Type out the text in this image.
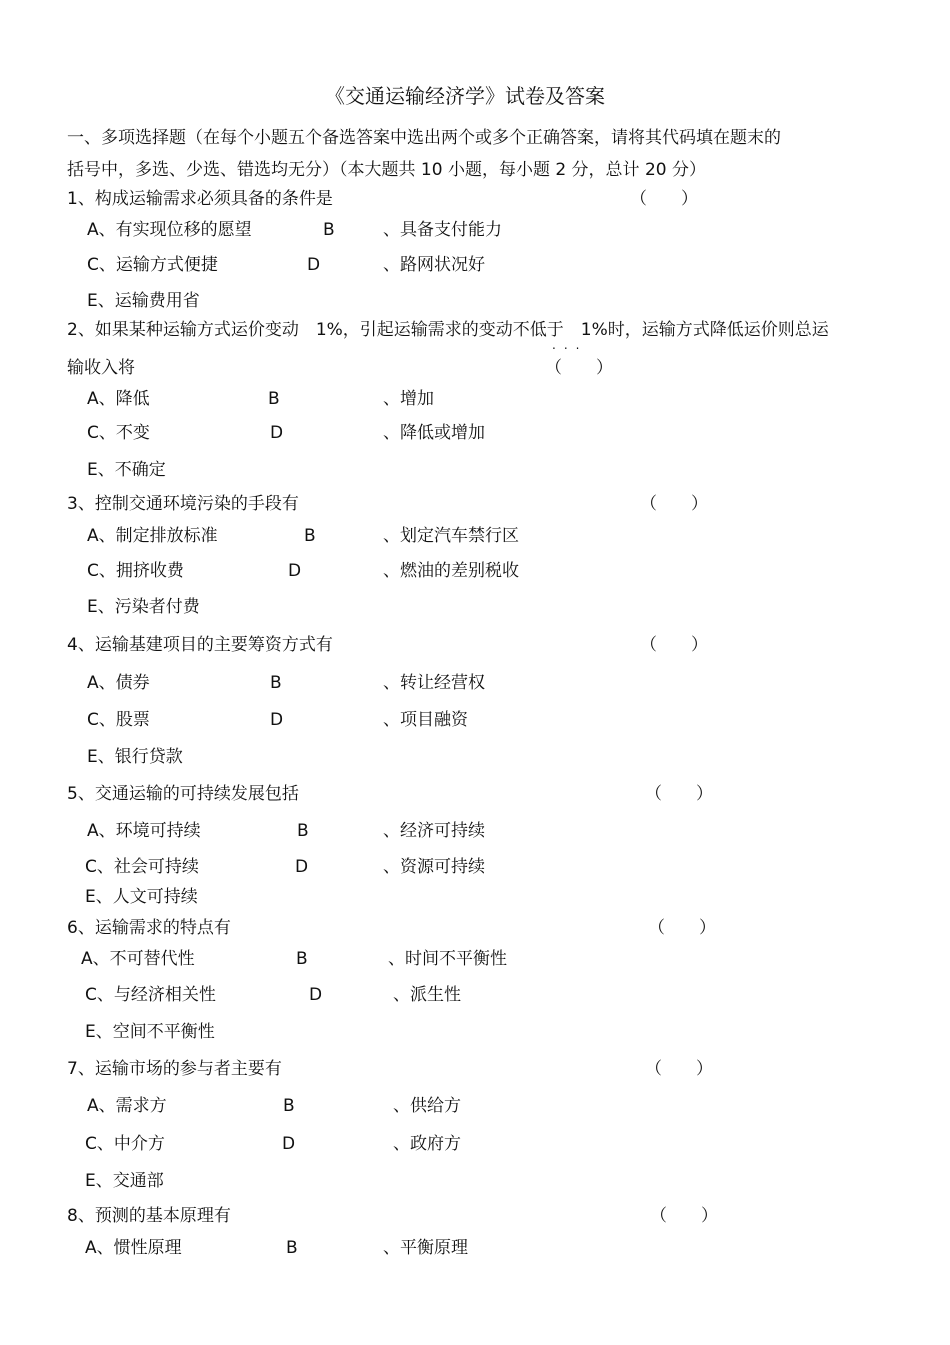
《交通运输经济学》试卷及答案
一、多项选择题（在每个小题五个备选答案中选出两个或多个正确答案，请将其代码填在题末的
括号中，多选、少选、错选均无分）（本大题共 10 小题，每小题 2 分，总计 20 分）
1、构成运输需求必须具备的条件是	（　　）
A、有实现位移的愿望	B	、具备支付能力
C、运输方式便捷	D	、路网状况好
E、运输费用省
2、如果某种运输方式运价变动　1%，引起运输需求的变动不低于　1%时，运输方式降低运价则总运
...
输收入将	（　　）
A、降低	B	、增加
C、不变	D	、降低或增加
E、不确定
3、控制交通环境污染的手段有	（　　）
A、制定排放标准	B	、划定汽车禁行区
C、拥挤收费	D	、燃油的差别税收
E、污染者付费
4、运输基建项目的主要筹资方式有	（　　）
A、债券	B	、转让经营权
C、股票	D	、项目融资
E、银行贷款
5、交通运输的可持续发展包括	（　　）
A、环境可持续	B	、经济可持续
C、社会可持续	D	、资源可持续
E、人文可持续
6、运输需求的特点有	（　　）
A、不可替代性	B	、时间不平衡性
C、与经济相关性	D	、派生性
E、空间不平衡性
7、运输市场的参与者主要有	（　　）
A、需求方	B	、供给方
C、中介方	D	、政府方
E、交通部
8、预测的基本原理有	（　　）
A、惯性原理	B	、平衡原理
